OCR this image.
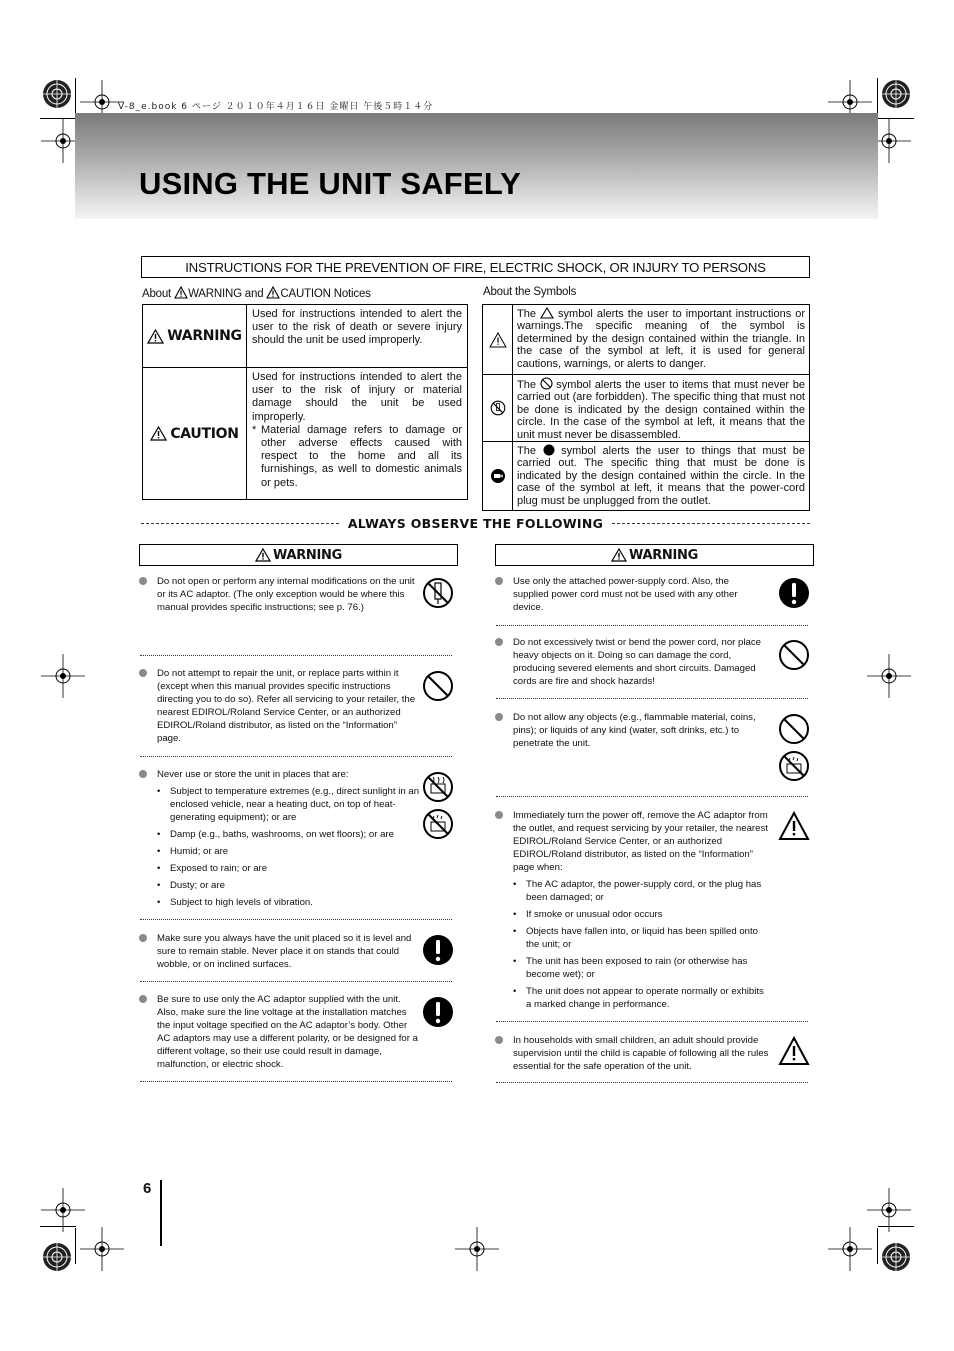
V-8_e.book 6 ページ ２０１０年４月１６日 金曜日 午後５時１４分
USING THE UNIT SAFELY
INSTRUCTIONS FOR THE PREVENTION OF FIRE, ELECTRIC SHOCK, OR INJURY TO PERSONS
About WARNING and CAUTION Notices
WARNING
Used for instructions intended to alert the user to the risk of death or severe injury should the unit be used improperly.
CAUTION
Used for instructions intended to alert the user to the risk of injury or material damage should the unit be used improperly.
* Material damage refers to damage or other adverse effects caused with respect to the home and all its furnishings, as well to domestic animals or pets.
About the Symbols
The symbol alerts the user to important instructions or warnings.The specific meaning of the symbol is determined by the design contained within the triangle. In the case of the symbol at left, it is used for general cautions, warnings, or alerts to danger.
The symbol alerts the user to items that must never be carried out (are forbidden). The specific thing that must not be done is indicated by the design contained within the circle. In the case of the symbol at left, it means that the unit must never be disassembled.
The symbol alerts the user to things that must be carried out. The specific thing that must be done is indicated by the design contained within the circle. In the case of the symbol at left, it means that the power-cord plug must be unplugged from the outlet.
ALWAYS OBSERVE THE FOLLOWING
WARNING
Do not open or perform any internal modifications on the unit or its AC adaptor. (The only exception would be where this manual provides specific instructions; see p. 76.)
Do not attempt to repair the unit, or replace parts within it (except when this manual provides specific instructions directing you to do so). Refer all servicing to your retailer, the nearest EDIROL/Roland Service Center, or an authorized EDIROL/Roland distributor, as listed on the “Information” page.
Never use or store the unit in places that are:
• Subject to temperature extremes (e.g., direct sunlight in an enclosed vehicle, near a heating duct, on top of heat-generating equipment); or are
• Damp (e.g., baths, washrooms, on wet floors); or are
• Humid; or are
• Exposed to rain; or are
• Dusty; or are
• Subject to high levels of vibration.
Make sure you always have the unit placed so it is level and sure to remain stable. Never place it on stands that could wobble, or on inclined surfaces.
Be sure to use only the AC adaptor supplied with the unit. Also, make sure the line voltage at the installation matches the input voltage specified on the AC adaptor’s body. Other AC adaptors may use a different polarity, or be designed for a different voltage, so their use could result in damage, malfunction, or electric shock.
WARNING
Use only the attached power-supply cord. Also, the supplied power cord must not be used with any other device.
Do not excessively twist or bend the power cord, nor place heavy objects on it. Doing so can damage the cord, producing severed elements and short circuits. Damaged cords are fire and shock hazards!
Do not allow any objects (e.g., flammable material, coins, pins); or liquids of any kind (water, soft drinks, etc.) to penetrate the unit.
Immediately turn the power off, remove the AC adaptor from the outlet, and request servicing by your retailer, the nearest EDIROL/Roland Service Center, or an authorized EDIROL/Roland distributor, as listed on the “Information” page when:
• The AC adaptor, the power-supply cord, or the plug has been damaged; or
• If smoke or unusual odor occurs
• Objects have fallen into, or liquid has been spilled onto the unit; or
• The unit has been exposed to rain (or otherwise has become wet); or
• The unit does not appear to operate normally or exhibits a marked change in performance.
In households with small children, an adult should provide supervision until the child is capable of following all the rules essential for the safe operation of the unit.
6
